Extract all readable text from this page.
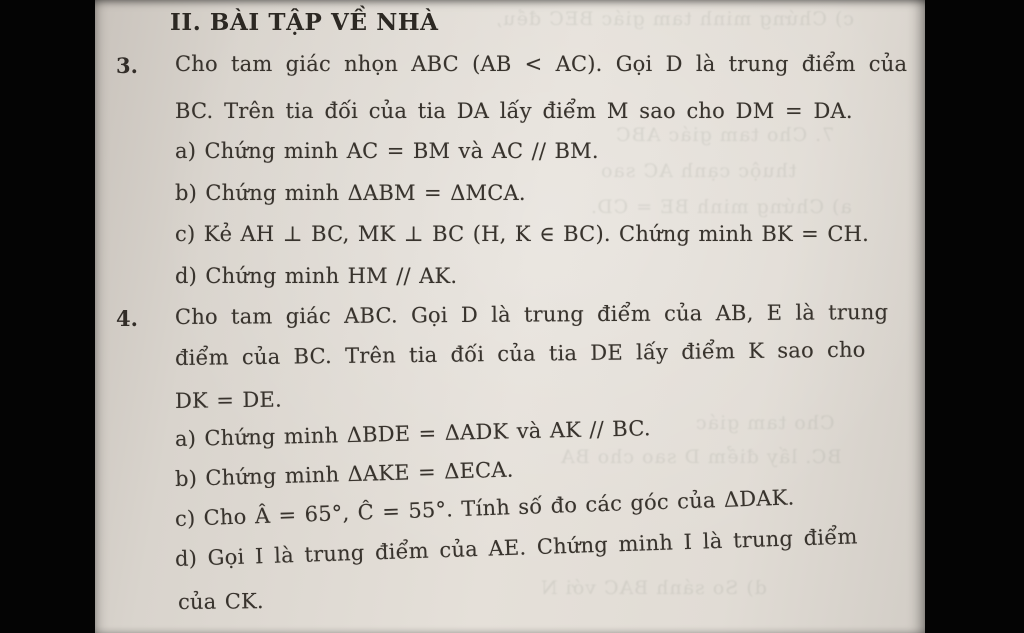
c) Chứng minh tam giác BEC đều,
7. Cho tam giác ABC
thuộc cạnh AC sao
a) Chứng minh BE = CD.
Cho tam giác
BC. lấy điểm D sao cho BA
d) So sánh BAC với N
II. BÀI TẬP VỀ NHÀ
3. Cho tam giác nhọn ABC (AB < AC). Gọi D là trung điểm của
BC. Trên tia đối của tia DA lấy điểm M sao cho DM = DA.
a) Chứng minh AC = BM và AC // BM.
b) Chứng minh ΔABM = ΔMCA.
c) Kẻ AH ⊥ BC, MK ⊥ BC (H, K ∈ BC). Chứng minh BK = CH.
d) Chứng minh HM // AK.
4. Cho tam giác ABC. Gọi D là trung điểm của AB, E là trung
điểm của BC. Trên tia đối của tia DE lấy điểm K sao cho
DK = DE.
a) Chứng minh ΔBDE = ΔADK và AK // BC.
b) Chứng minh ΔAKE = ΔECA.
c) Cho Â = 65°, Ĉ = 55°. Tính số đo các góc của ΔDAK.
d) Gọi I là trung điểm của AE. Chứng minh I là trung điểm
của CK.
